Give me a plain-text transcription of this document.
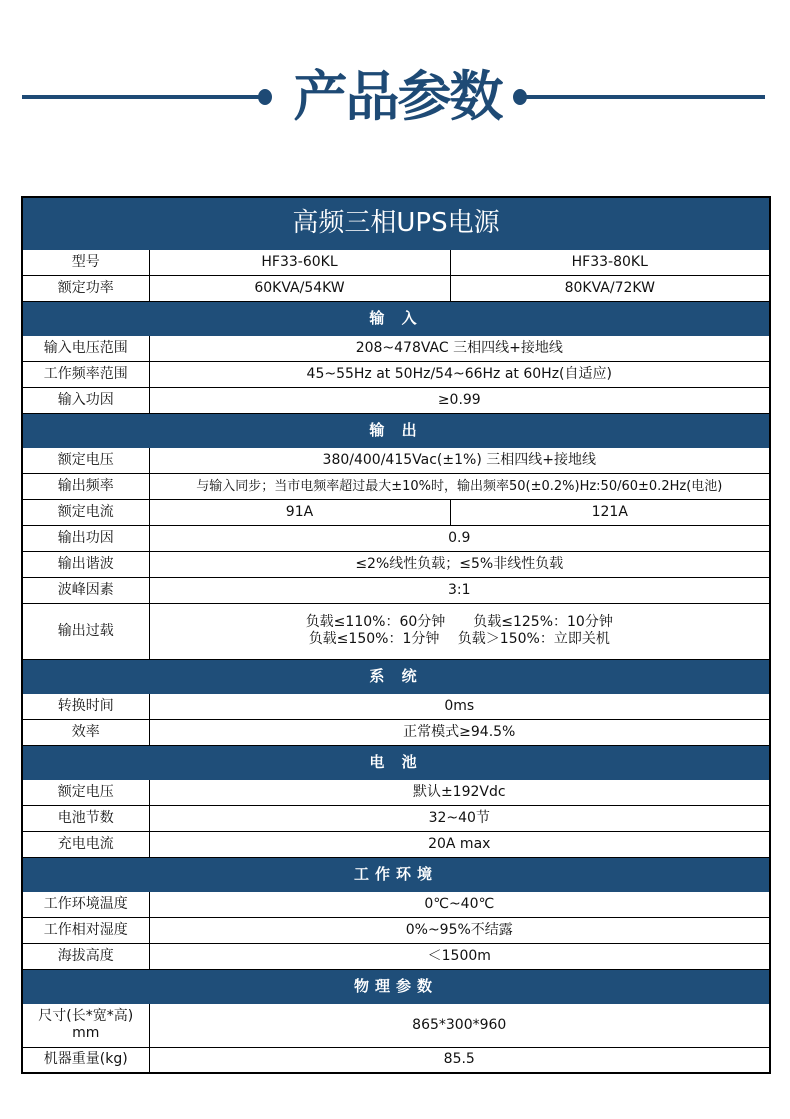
产品参数
高频三相UPS电源		
型号	HF33-60KL	HF33-80KL
额定功率	60KVA/54KW	80KVA/72KW
输 入		
输入电压范围	208~478VAC 三相四线+接地线	
工作频率范围	45~55Hz at 50Hz/54~66Hz at 60Hz(自适应)	
输入功因	≥0.99	
输 出		
额定电压	380/400/415Vac(±1%) 三相四线+接地线	
输出频率	与输入同步；当市电频率超过最大±10%时，输出频率50(±0.2%)Hz:50/60±0.2Hz(电池)	
额定电流	91A	121A
输出功因	0.9	
输出谐波	≤2%线性负载；≤5%非线性负载	
波峰因素	3:1	
输出过载	负载≤110%：60分钟　　负载≤125%：10分钟
负载≤150%：1分钟　 负载＞150%：立即关机	

系 统		
转换时间	0ms	
效率	正常模式≥94.5%	
电 池		
额定电压	默认±192Vdc	
电池节数	32~40节	
充电电流	20A max	
工作环境		
工作环境温度	0℃~40℃	
工作相对湿度	0%~95%不结露	
海拔高度	＜1500m	
物理参数		
尺寸(长*宽*高) mm	865*300*960	
机器重量(kg)	85.5	
